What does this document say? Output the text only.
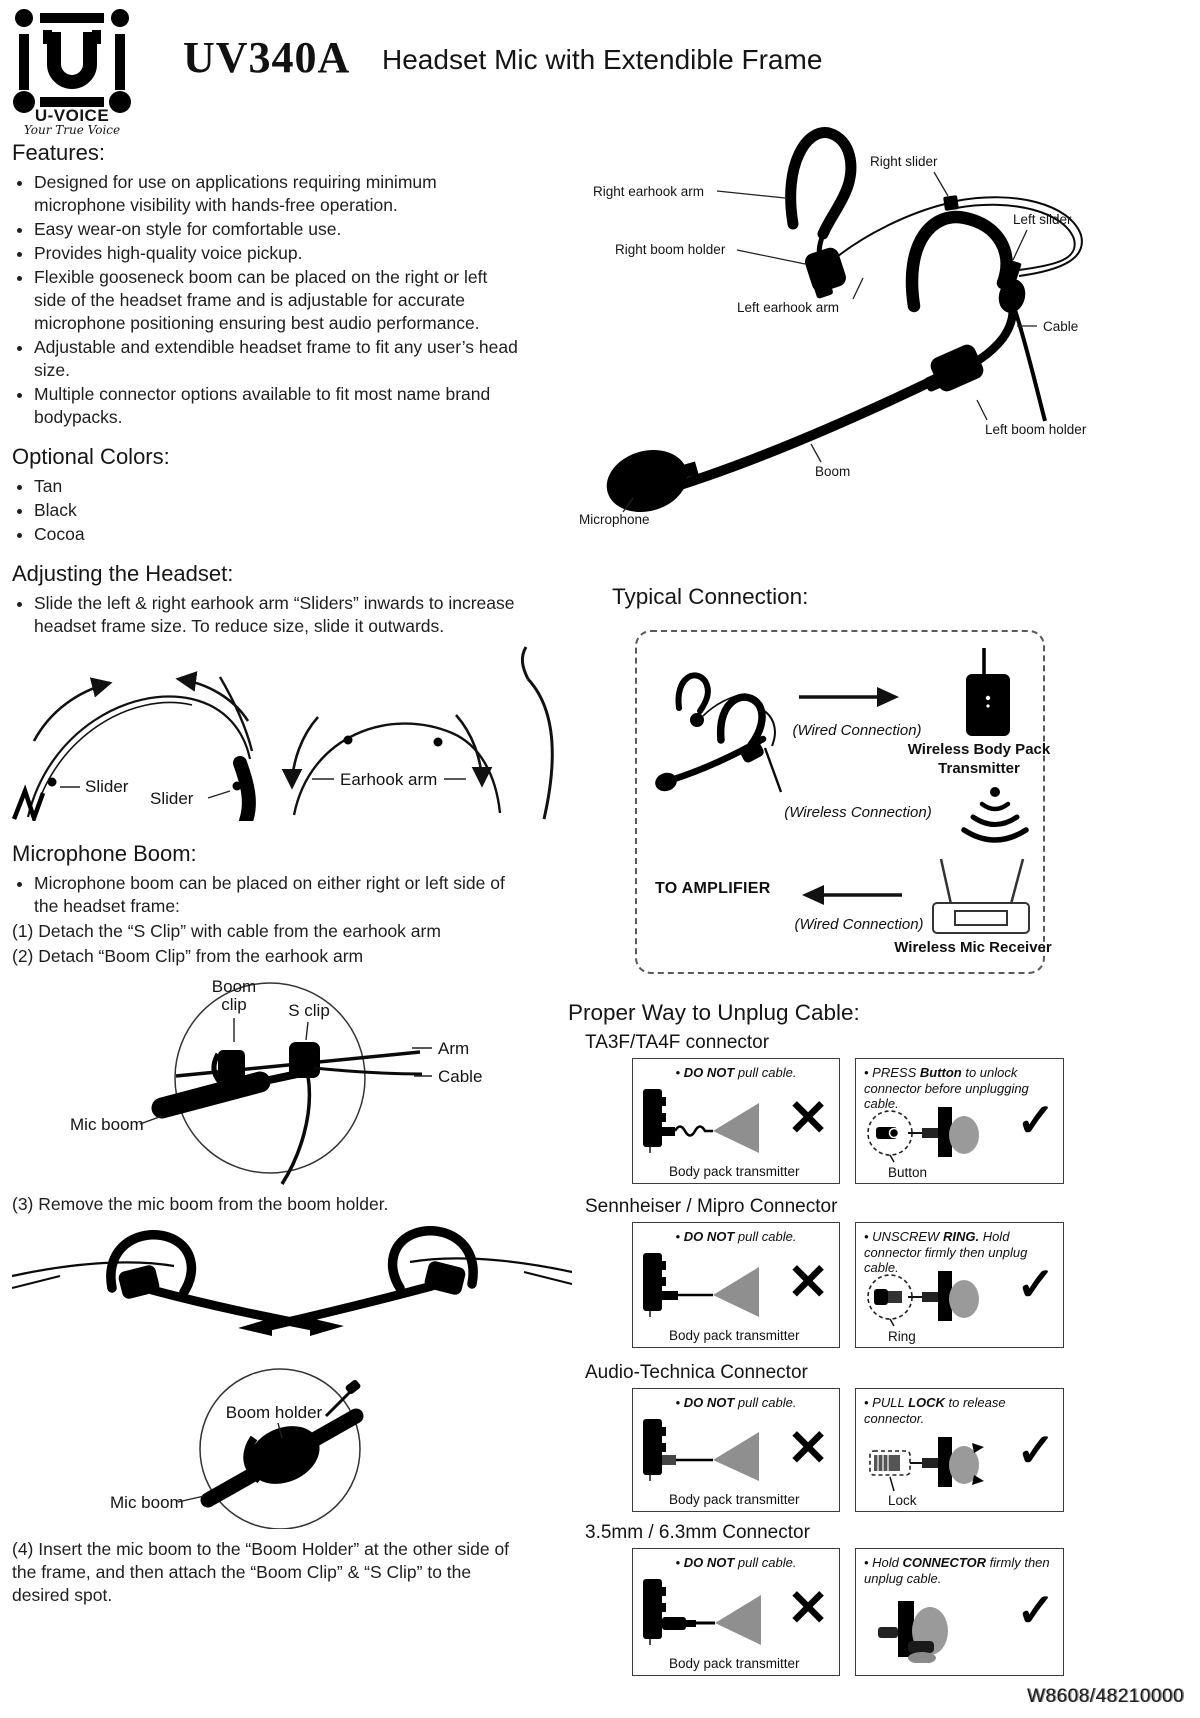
U-VOICE
Your True Voice
UV340A Headset Mic with Extendible Frame
Features:
• Designed for use on applications requiring minimum microphone visibility with hands-free operation.
• Easy wear-on style for comfortable use.
• Provides high-quality voice pickup.
• Flexible gooseneck boom can be placed on the right or left side of the headset frame and is adjustable for accurate microphone positioning ensuring best audio performance.
• Adjustable and extendible headset frame to fit any user’s head size.
• Multiple connector options available to fit most name brand bodypacks.
Optional Colors:
• Tan
• Black
• Cocoa
Adjusting the Headset:
• Slide the left & right earhook arm “Sliders” inwards to increase headset frame size. To reduce size, slide it outwards.
Slider
Slider
Earhook arm
Microphone Boom:
• Microphone boom can be placed on either right or left side of the headset frame:

(1) Detach the “S Clip” with cable from the earhook arm

(2) Detach “Boom Clip” from the earhook arm

Boom
clip S clip
Arm
Cable
Mic boom

(3) Remove the mic boom from the boom holder.

Boom holder
Mic boom

(4) Insert the mic boom to the “Boom Holder” at the other side of the frame, and then attach the “Boom Clip” & “S Clip” to the desired spot.

Right slider
Right earhook arm
Left slider
Right boom holder
Left earhook arm
Cable
Left boom holder
Boom
Microphone
Typical Connection:
(Wired Connection)
Wireless Body Pack
Transmitter
(Wireless Connection)
TO AMPLIFIER
(Wired Connection)
Wireless Mic Receiver
Proper Way to Unplug Cable:
TA3F/TA4F connector
• DO NOT pull cable.
✕
Body pack transmitter
• PRESS Button to unlock connector before unplugging cable.	✓
Button
Sennheiser / Mipro Connector
• DO NOT pull cable.
✕
Body pack transmitter
• UNSCREW RING. Hold connector firmly then unplug cable.	✓
Ring
Audio-Technica Connector
• DO NOT pull cable.
✕
Body pack transmitter
• PULL LOCK to release connector.
✓
Lock
3.5mm / 6.3mm Connector
• DO NOT pull cable.
✕
Body pack transmitter
• Hold CONNECTOR firmly then unplug cable.
✓
W8608/48210000
